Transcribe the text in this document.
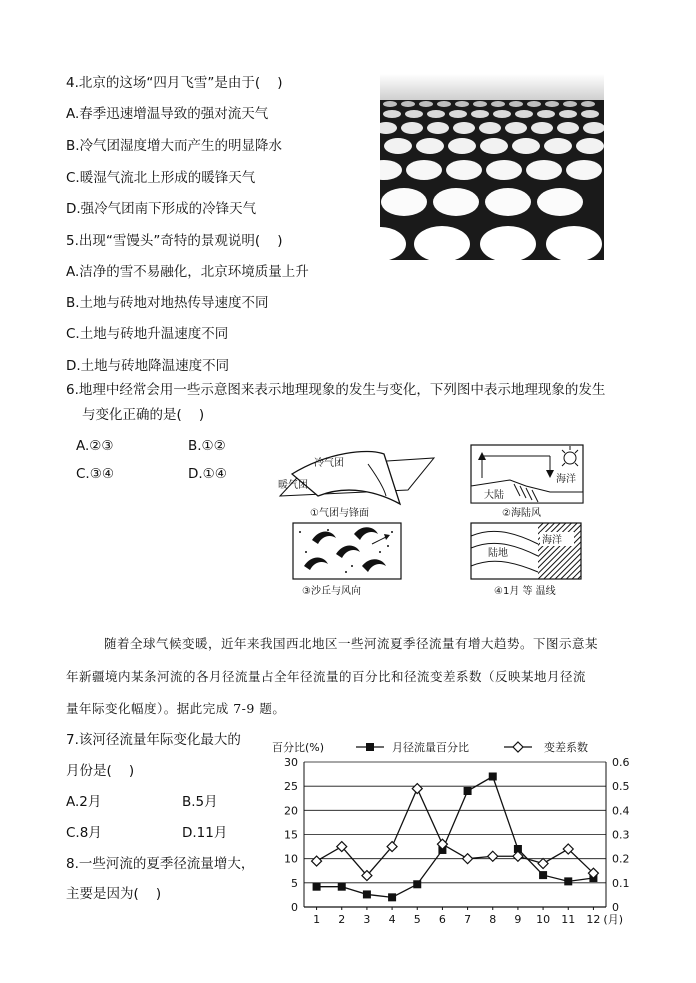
4.北京的这场“四月飞雪”是由于(    )
A.春季迅速增温导致的强对流天气
B.冷气团湿度增大而产生的明显降水
C.暖湿气流北上形成的暖锋天气
D.强冷气团南下形成的冷锋天气
5.出现“雪馒头”奇特的景观说明(    )
A.洁净的雪不易融化，北京环境质量上升
B.土地与砖地对地热传导速度不同
C.土地与砖地升温速度不同
D.土地与砖地降温速度不同
6.地理中经常会用一些示意图来表示地理现象的发生与变化，下列图中表示地理现象的发生
与变化正确的是(    )
A.②③	B.①②
C.③④	D.①④
冷气团
暖气团
①气团与锋面
海洋
大陆
②海陆风
③沙丘与风向
陆地
海洋
④1月 等 温线
随着全球气候变暖，近年来我国西北地区一些河流夏季径流量有增大趋势。下图示意某
年新疆境内某条河流的各月径流量占全年径流量的百分比和径流变差系数（反映某地月径流
量年际变化幅度）。据此完成 7-9 题。
7.该河径流量年际变化最大的
月份是(    )
A.2月	B.5月
C.8月	D.11月
8.一些河流的夏季径流量增大，
主要是因为(    )
百分比(%)	月径流量百分比	变差系数
0
5
10
15
20
25
30
0
0.1
0.2
0.3
0.4
0.5
0.6
1 2 3 4 5 6 7 8 9 10 11 12 (月)
